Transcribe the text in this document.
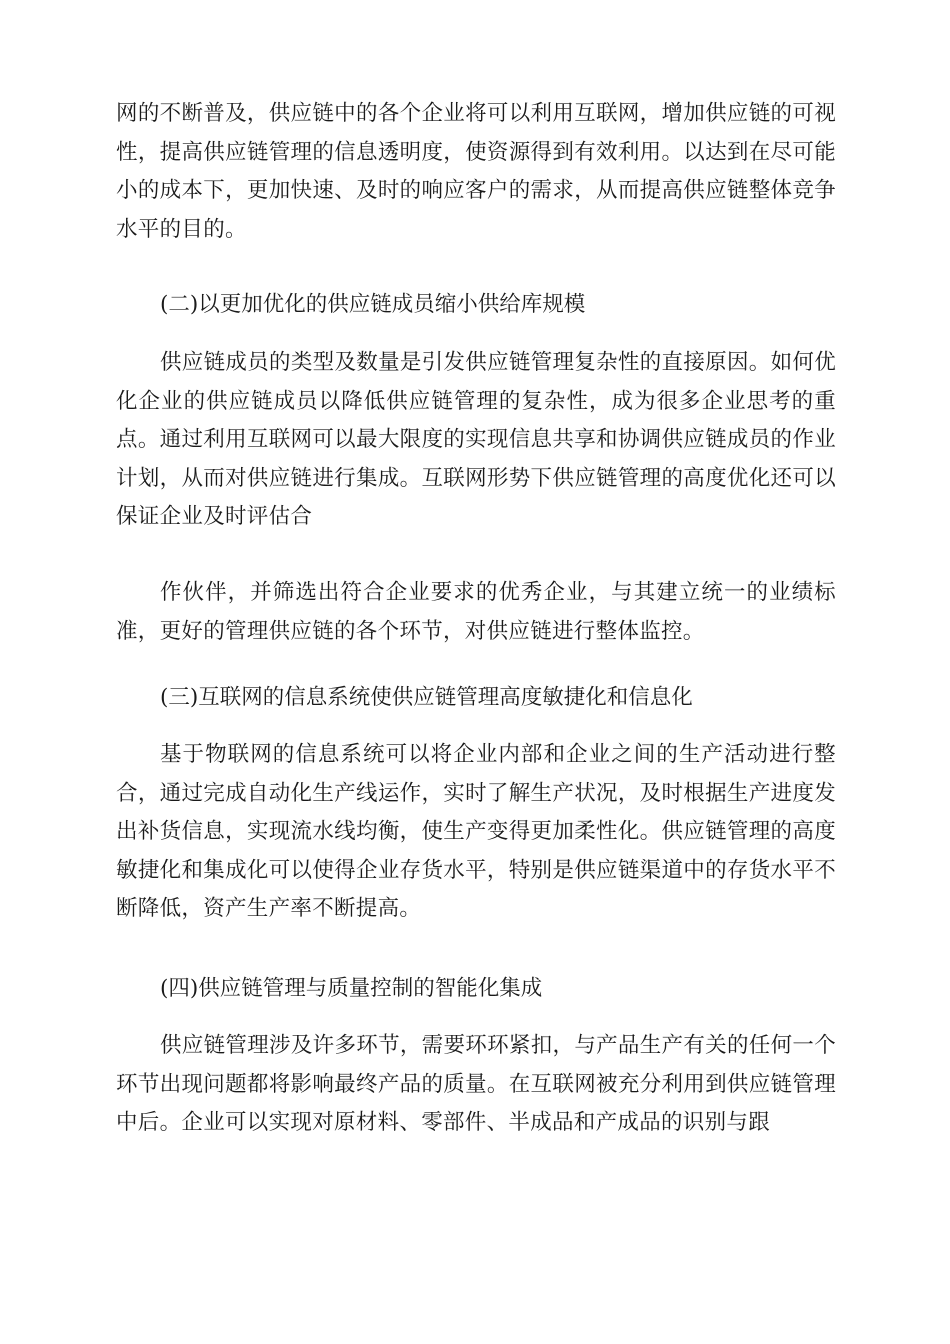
网的不断普及，供应链中的各个企业将可以利用互联网，增加供应链的可视性，提高供应链管理的信息透明度，使资源得到有效利用。以达到在尽可能小的成本下，更加快速、及时的响应客户的需求，从而提高供应链整体竞争水平的目的。

(二)以更加优化的供应链成员缩小供给库规模

供应链成员的类型及数量是引发供应链管理复杂性的直接原因。如何优化企业的供应链成员以降低供应链管理的复杂性，成为很多企业思考的重点。通过利用互联网可以最大限度的实现信息共享和协调供应链成员的作业计划，从而对供应链进行集成。互联网形势下供应链管理的高度优化还可以保证企业及时评估合

作伙伴，并筛选出符合企业要求的优秀企业，与其建立统一的业绩标准，更好的管理供应链的各个环节，对供应链进行整体监控。

(三)互联网的信息系统使供应链管理高度敏捷化和信息化

基于物联网的信息系统可以将企业内部和企业之间的生产活动进行整合，通过完成自动化生产线运作，实时了解生产状况，及时根据生产进度发出补货信息，实现流水线均衡，使生产变得更加柔性化。供应链管理的高度敏捷化和集成化可以使得企业存货水平，特别是供应链渠道中的存货水平不断降低，资产生产率不断提高。

(四)供应链管理与质量控制的智能化集成

供应链管理涉及许多环节，需要环环紧扣，与产品生产有关的任何一个环节出现问题都将影响最终产品的质量。在互联网被充分利用到供应链管理中后。企业可以实现对原材料、零部件、半成品和产成品的识别与跟
